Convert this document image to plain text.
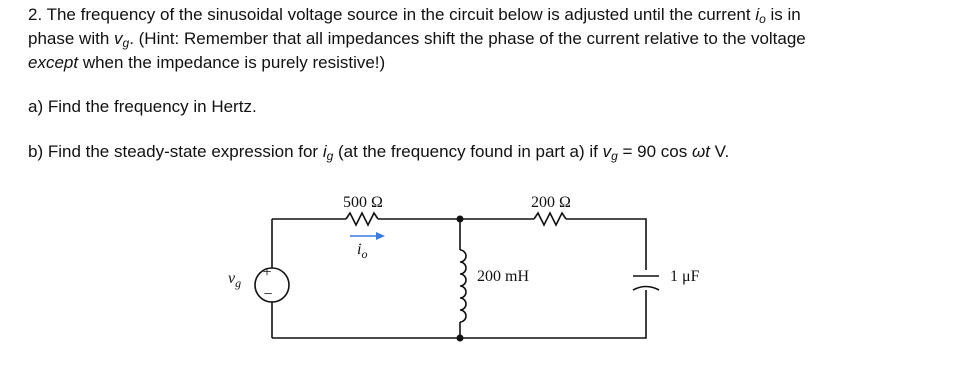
2. The frequency of the sinusoidal voltage source in the circuit below is adjusted until the current $i_o$ is in
phase with $v_g$. (Hint: Remember that all impedances shift the phase of the current relative to the voltage
except when the impedance is purely resistive!)
a) Find the frequency in Hertz.
b) Find the steady-state expression for $i_g$ (at the frequency found in part a) if $v_g = 90$ cos ωt V.
500 Ω	200 Ω
200 mH	1 μF
+
−
$v_g$
$i_o$
